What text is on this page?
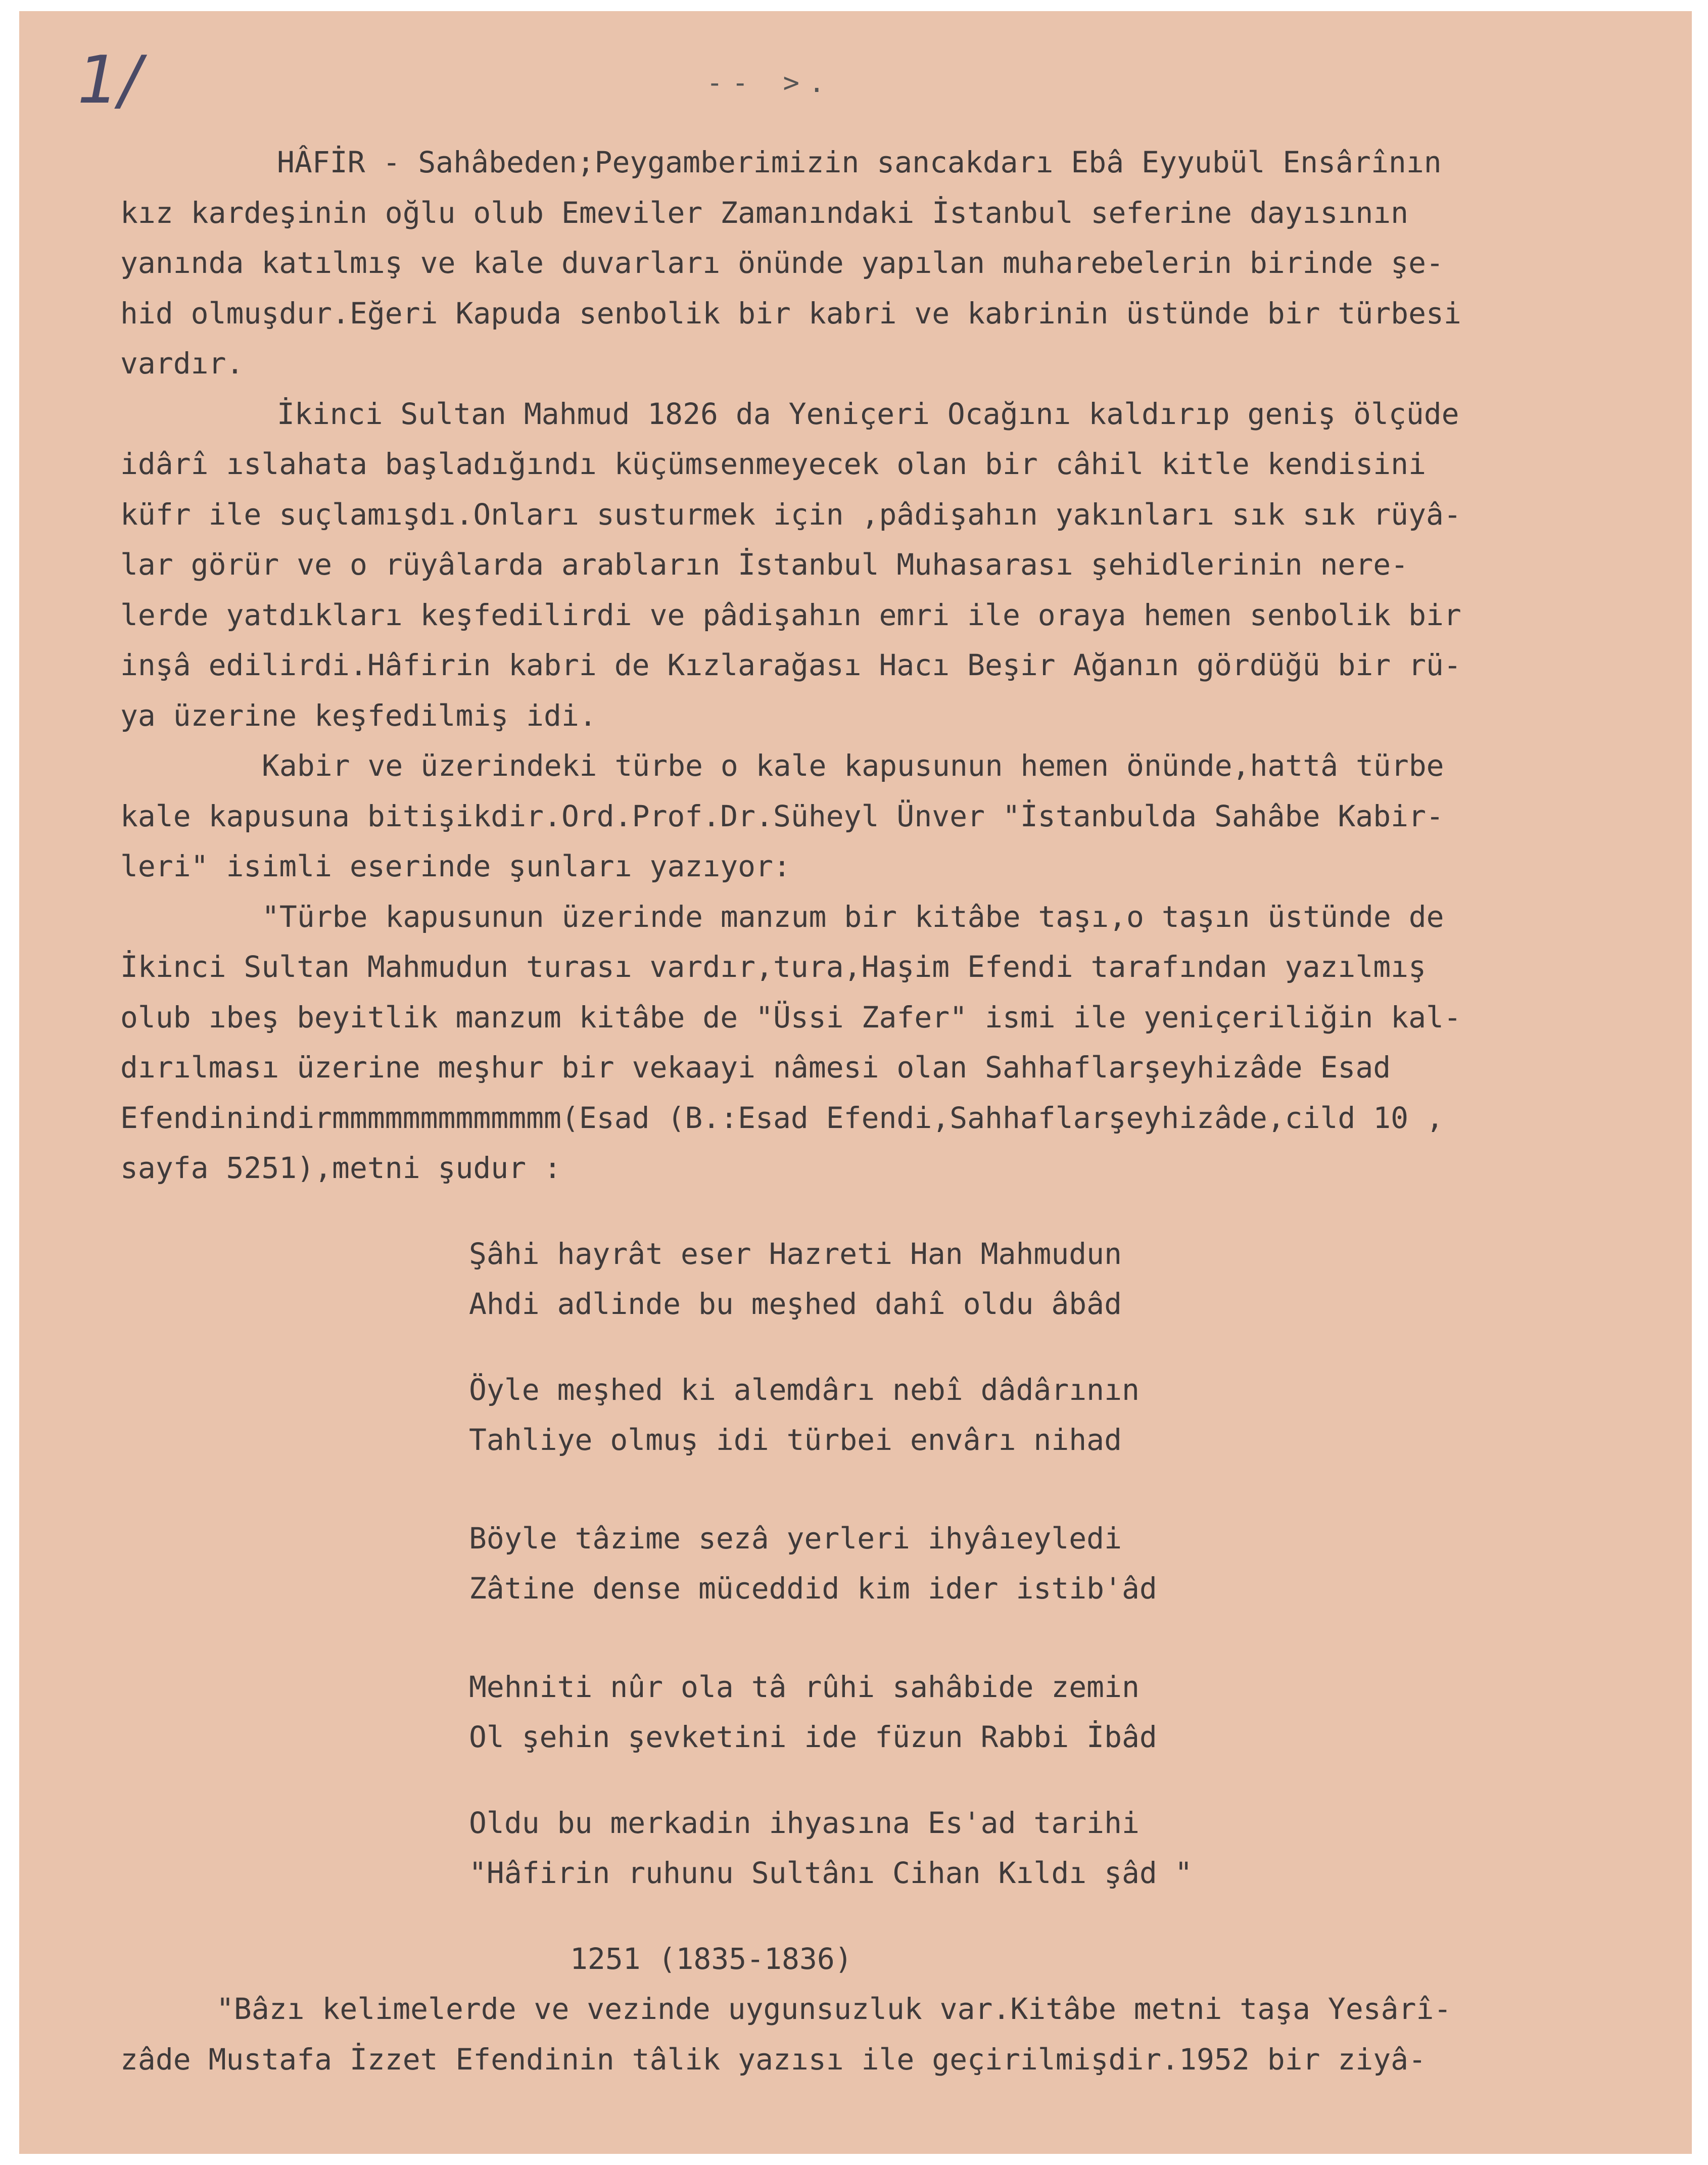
1/	-- >.
HÂFİR - Sahâbeden;Peygamberimizin sancakdarı Ebâ Eyyubül Ensârînın
kız kardeşinin oğlu olub Emeviler Zamanındaki İstanbul seferine dayısının
yanında katılmış ve kale duvarları önünde yapılan muharebelerin birinde şe-
hid olmuşdur.Eğeri Kapuda senbolik bir kabri ve kabrinin üstünde bir türbesi
vardır.
İkinci Sultan Mahmud 1826 da Yeniçeri Ocağını kaldırıp geniş ölçüde
idârî ıslahata başladığındı küçümsenmeyecek olan bir câhil kitle kendisini
küfr ile suçlamışdı.Onları susturmek için ,pâdişahın yakınları sık sık rüyâ-
lar görür ve o rüyâlarda arabların İstanbul Muhasarası şehidlerinin nere-
lerde yatdıkları keşfedilirdi ve pâdişahın emri ile oraya hemen senbolik bir
inşâ edilirdi.Hâfirin kabri de Kızlarağası Hacı Beşir Ağanın gördüğü bir rü-
ya üzerine keşfedilmiş idi.
Kabir ve üzerindeki türbe o kale kapusunun hemen önünde,hattâ türbe
kale kapusuna bitişikdir.Ord.Prof.Dr.Süheyl Ünver "İstanbulda Sahâbe Kabir-
leri" isimli eserinde şunları yazıyor:
"Türbe kapusunun üzerinde manzum bir kitâbe taşı,o taşın üstünde de
İkinci Sultan Mahmudun turası vardır,tura,Haşim Efendi tarafından yazılmış
olub ıbeş beyitlik manzum kitâbe de "Üssi Zafer" ismi ile yeniçeriliğin kal-
dırılması üzerine meşhur bir vekaayi nâmesi olan Sahhaflarşeyhizâde Esad
Efendinindirmmmmmmmmmmmmm(Esad (B.:Esad Efendi,Sahhaflarşeyhizâde,cild 10 ,
sayfa 5251),metni şudur :
Şâhi hayrât eser Hazreti Han Mahmudun
Ahdi adlinde bu meşhed dahî oldu âbâd
Öyle meşhed ki alemdârı nebî dâdârının
Tahliye olmuş idi türbei envârı nihad
Böyle tâzime sezâ yerleri ihyâıeyledi
Zâtine dense müceddid kim ider istib'âd
Mehniti nûr ola tâ rûhi sahâbide zemin
Ol şehin şevketini ide füzun Rabbi İbâd
Oldu bu merkadin ihyasına Es'ad tarihi
"Hâfirin ruhunu Sultânı Cihan Kıldı şâd "
1251 (1835-1836)
"Bâzı kelimelerde ve vezinde uygunsuzluk var.Kitâbe metni taşa Yesârî-
zâde Mustafa İzzet Efendinin tâlik yazısı ile geçirilmişdir.1952 bir ziyâ-
